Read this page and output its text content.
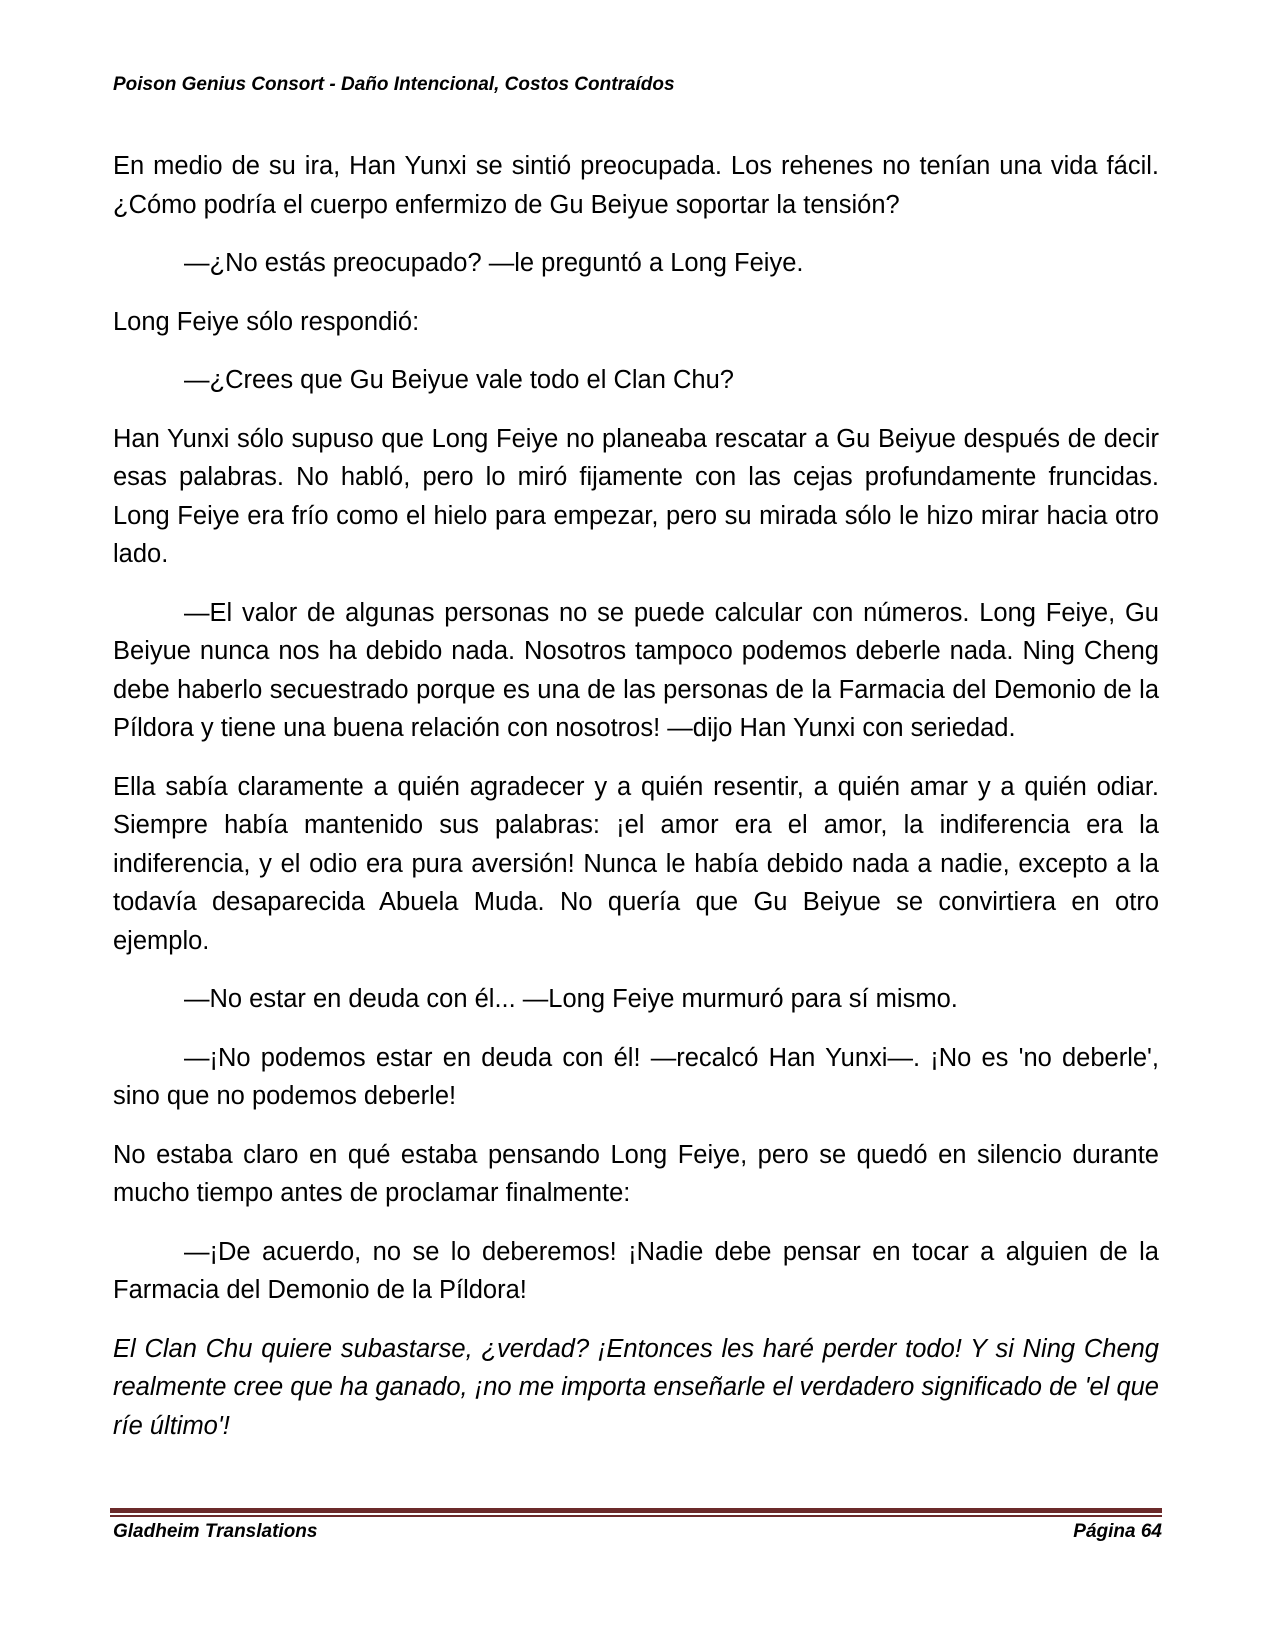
Poison Genius Consort - Daño Intencional, Costos Contraídos

En medio de su ira, Han Yunxi se sintió preocupada. Los rehenes no tenían una vida fácil. ¿Cómo podría el cuerpo enfermizo de Gu Beiyue soportar la tensión?

—¿No estás preocupado? —le preguntó a Long Feiye.

Long Feiye sólo respondió:

—¿Crees que Gu Beiyue vale todo el Clan Chu?

Han Yunxi sólo supuso que Long Feiye no planeaba rescatar a Gu Beiyue después de decir esas palabras. No habló, pero lo miró fijamente con las cejas profundamente fruncidas. Long Feiye era frío como el hielo para empezar, pero su mirada sólo le hizo mirar hacia otro lado.

—El valor de algunas personas no se puede calcular con números. Long Feiye, Gu Beiyue nunca nos ha debido nada. Nosotros tampoco podemos deberle nada. Ning Cheng debe haberlo secuestrado porque es una de las personas de la Farmacia del Demonio de la Píldora y tiene una buena relación con nosotros! —dijo Han Yunxi con seriedad.

Ella sabía claramente a quién agradecer y a quién resentir, a quién amar y a quién odiar. Siempre había mantenido sus palabras: ¡el amor era el amor, la indiferencia era la indiferencia, y el odio era pura aversión! Nunca le había debido nada a nadie, excepto a la todavía desaparecida Abuela Muda. No quería que Gu Beiyue se convirtiera en otro ejemplo.

—No estar en deuda con él... —Long Feiye murmuró para sí mismo.

—¡No podemos estar en deuda con él! —recalcó Han Yunxi—. ¡No es 'no deberle', sino que no podemos deberle!

No estaba claro en qué estaba pensando Long Feiye, pero se quedó en silencio durante mucho tiempo antes de proclamar finalmente:

—¡De acuerdo, no se lo deberemos! ¡Nadie debe pensar en tocar a alguien de la Farmacia del Demonio de la Píldora!

El Clan Chu quiere subastarse, ¿verdad? ¡Entonces les haré perder todo! Y si Ning Cheng realmente cree que ha ganado, ¡no me importa enseñarle el verdadero significado de 'el que ríe último'!

Gladheim Translations	Página 64
